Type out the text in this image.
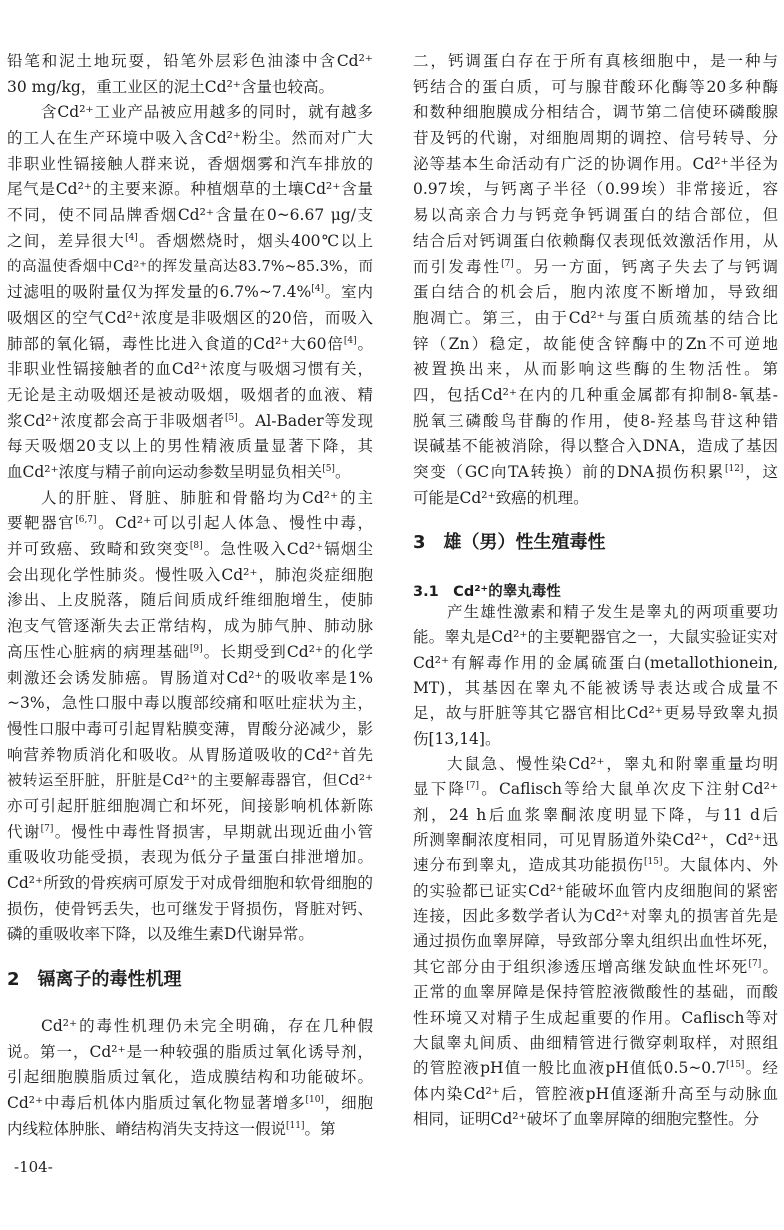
铅笔和泥土地玩耍，铅笔外层彩色油漆中含Cd²⁺
30 mg/kg，重工业区的泥土Cd²⁺含量也较高。
含Cd²⁺工业产品被应用越多的同时，就有越多
的工人在生产环境中吸入含Cd²⁺粉尘。然而对广大
非职业性镉接触人群来说，香烟烟雾和汽车排放的
尾气是Cd²⁺的主要来源。种植烟草的土壤Cd²⁺含量
不同，使不同品牌香烟Cd²⁺含量在0~6.67 μg/支
之间，差异很大[4]。香烟燃烧时，烟头400℃以上
的高温使香烟中Cd²⁺的挥发量高达83.7%~85.3%，而
过滤咀的吸附量仅为挥发量的6.7%~7.4%[4]。室内
吸烟区的空气Cd²⁺浓度是非吸烟区的20倍，而吸入
肺部的氧化镉，毒性比进入食道的Cd²⁺大60倍[4]。
非职业性镉接触者的血Cd²⁺浓度与吸烟习惯有关，
无论是主动吸烟还是被动吸烟，吸烟者的血液、精
浆Cd²⁺浓度都会高于非吸烟者[5]。Al-Bader等发现
每天吸烟20支以上的男性精液质量显著下降，其
血Cd²⁺浓度与精子前向运动参数呈明显负相关[5]。
人的肝脏、肾脏、肺脏和骨骼均为Cd²⁺的主
要靶器官[6,7]。Cd²⁺可以引起人体急、慢性中毒，
并可致癌、致畸和致突变[8]。急性吸入Cd²⁺镉烟尘
会出现化学性肺炎。慢性吸入Cd²⁺，肺泡炎症细胞
渗出、上皮脱落，随后间质成纤维细胞增生，使肺
泡支气管逐渐失去正常结构，成为肺气肿、肺动脉
高压性心脏病的病理基础[9]。长期受到Cd²⁺的化学
刺激还会诱发肺癌。胃肠道对Cd²⁺的吸收率是1%
~3%，急性口服中毒以腹部绞痛和呕吐症状为主，
慢性口服中毒可引起胃粘膜变薄，胃酸分泌减少，影
响营养物质消化和吸收。从胃肠道吸收的Cd²⁺首先
被转运至肝脏，肝脏是Cd²⁺的主要解毒器官，但Cd²⁺
亦可引起肝脏细胞凋亡和坏死，间接影响机体新陈
代谢[7]。慢性中毒性肾损害，早期就出现近曲小管
重吸收功能受损，表现为低分子量蛋白排泄增加。
Cd²⁺所致的骨疾病可原发于对成骨细胞和软骨细胞的
损伤，使骨钙丢失，也可继发于肾损伤，肾脏对钙、
磷的重吸收率下降，以及维生素D代谢异常。
2　镉离子的毒性机理
Cd²⁺的毒性机理仍未完全明确，存在几种假
说。第一，Cd²⁺是一种较强的脂质过氧化诱导剂，
引起细胞膜脂质过氧化，造成膜结构和功能破坏。
Cd²⁺中毒后机体内脂质过氧化物显著增多[10]，细胞
内线粒体肿胀、嵴结构消失支持这一假说[11]。第
-104-
二，钙调蛋白存在于所有真核细胞中，是一种与
钙结合的蛋白质，可与腺苷酸环化酶等20多种酶
和数种细胞膜成分相结合，调节第二信使环磷酸腺
苷及钙的代谢，对细胞周期的调控、信号转导、分
泌等基本生命活动有广泛的协调作用。Cd²⁺半径为
0.97埃，与钙离子半径（0.99埃）非常接近，容
易以高亲合力与钙竞争钙调蛋白的结合部位，但
结合后对钙调蛋白依赖酶仅表现低效激活作用，从
而引发毒性[7]。另一方面，钙离子失去了与钙调
蛋白结合的机会后，胞内浓度不断增加，导致细
胞凋亡。第三，由于Cd²⁺与蛋白质巯基的结合比
锌（Zn）稳定，故能使含锌酶中的Zn不可逆地
被置换出来，从而影响这些酶的生物活性。第
四，包括Cd²⁺在内的几种重金属都有抑制8-氧基-
脱氧三磷酸鸟苷酶的作用，使8-羟基鸟苷这种错
误碱基不能被消除，得以整合入DNA，造成了基因
突变（GC向TA转换）前的DNA损伤积累[12]，这
可能是Cd²⁺致癌的机理。
3　雄（男）性生殖毒性
3.1　Cd²⁺的睾丸毒性
产生雄性激素和精子发生是睾丸的两项重要功
能。睾丸是Cd²⁺的主要靶器官之一，大鼠实验证实对
Cd²⁺有解毒作用的金属硫蛋白(metallothionein,
MT)，其基因在睾丸不能被诱导表达或合成量不
足，故与肝脏等其它器官相比Cd²⁺更易导致睾丸损
伤[13,14]。
大鼠急、慢性染Cd²⁺，睾丸和附睾重量均明
显下降[7]。Caflisch等给大鼠单次皮下注射Cd²⁺
剂，24 h后血浆睾酮浓度明显下降，与11 d后
所测睾酮浓度相同，可见胃肠道外染Cd²⁺，Cd²⁺迅
速分布到睾丸，造成其功能损伤[15]。大鼠体内、外
的实验都已证实Cd²⁺能破坏血管内皮细胞间的紧密
连接，因此多数学者认为Cd²⁺对睾丸的损害首先是
通过损伤血睾屏障，导致部分睾丸组织出血性坏死，
其它部分由于组织渗透压增高继发缺血性坏死[7]。
正常的血睾屏障是保持管腔液微酸性的基础，而酸
性环境又对精子生成起重要的作用。Caflisch等对
大鼠睾丸间质、曲细精管进行微穿刺取样，对照组
的管腔液pH值一般比血液pH值低0.5~0.7[15]。经
体内染Cd²⁺后，管腔液pH值逐渐升高至与动脉血
相同，证明Cd²⁺破坏了血睾屏障的细胞完整性。分
